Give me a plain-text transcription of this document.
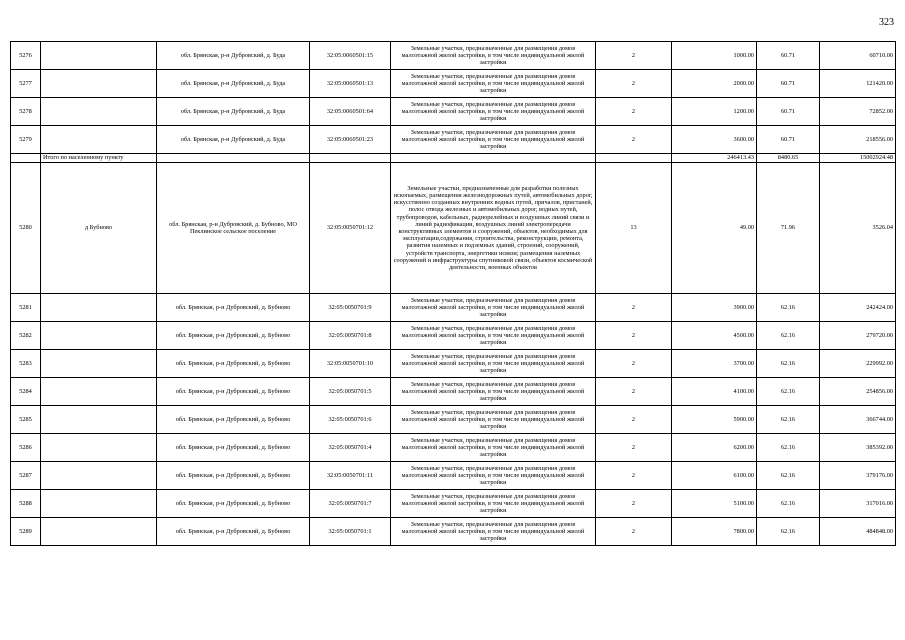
323
5276		обл. Брянская, р-н Дубровский, д. Буда	32:05:0060501:15	Земельные участки, предназначенные для размещения домов малоэтажной жилой застройки, в том числе индивидуальной жилой застройки	2	1000.00	60.71	60710.00
5277		обл. Брянская, р-н Дубровский, д. Буда	32:05:0060501:13	Земельные участки, предназначенные для размещения домов малоэтажной жилой застройки, в том числе индивидуальной жилой застройки	2	2000.00	60.71	121420.00
5278		обл. Брянская, р-н Дубровский, д. Буда	32:05:0060501:64	Земельные участки, предназначенные для размещения домов малоэтажной жилой застройки, в том числе индивидуальной жилой застройки	2	1200.00	60.71	72852.00
5279		обл. Брянская, р-н Дубровский, д. Буда	32:05:0060501:23	Земельные участки, предназначенные для размещения домов малоэтажной жилой застройки, в том числе индивидуальной жилой застройки	2	3600.00	60.71	218556.00
	Итого по населенному пункту					246413.43	8480.65	15002924.48
5280	д Бубново	обл. Брянская, р-н Дубровский, д. Бубново, МО Пеклинское сельское поселение	32:05:0050701:12	Земельные участки, предназначенные для разработки полезных ископаемых, размещения железнодорожных путей, автомобильных дорог, искусственно созданных внутренних водных путей, причалов, пристаней, полос отвода железных и автомобильных дорог, водных путей, трубопроводов, кабельных, радиорелейных и воздушных линий связи и линий радиофикации, воздушных линий электропередачи конструктивных элементов и сооружений, объектов, необходимых для эксплуатации,содержания, строительства, реконструкции, ремонта, развития наземных и подземных зданий, строений, сооружений, устройств транспорта, энергетики исвязи; размещения наземных сооружений и инфраструктуры спутниковой связи, объектов космической деятельности, военных объектов	13	49.00	71.96	3526.04
5281		обл. Брянская, р-н Дубровский, д. Бубново	32:05:0050701:9	Земельные участки, предназначенные для размещения домов малоэтажной жилой застройки, в том числе индивидуальной жилой застройки	2	3900.00	62.16	242424.00
5282		обл. Брянская, р-н Дубровский, д. Бубново	32:05:0050701:8	Земельные участки, предназначенные для размещения домов малоэтажной жилой застройки, в том числе индивидуальной жилой застройки	2	4500.00	62.16	279720.00
5283		обл. Брянская, р-н Дубровский, д. Бубново	32:05:0050701:10	Земельные участки, предназначенные для размещения домов малоэтажной жилой застройки, в том числе индивидуальной жилой застройки	2	3700.00	62.16	229992.00
5284		обл. Брянская, р-н Дубровский, д. Бубново	32:05:0050701:5	Земельные участки, предназначенные для размещения домов малоэтажной жилой застройки, в том числе индивидуальной жилой застройки	2	4100.00	62.16	254856.00
5285		обл. Брянская, р-н Дубровский, д. Бубново	32:05:0050701:6	Земельные участки, предназначенные для размещения домов малоэтажной жилой застройки, в том числе индивидуальной жилой застройки	2	5900.00	62.16	366744.00
5286		обл. Брянская, р-н Дубровский, д. Бубново	32:05:0050701:4	Земельные участки, предназначенные для размещения домов малоэтажной жилой застройки, в том числе индивидуальной жилой застройки	2	6200.00	62.16	385392.00
5287		обл. Брянская, р-н Дубровский, д. Бубново	32:05:0050701:11	Земельные участки, предназначенные для размещения домов малоэтажной жилой застройки, в том числе индивидуальной жилой застройки	2	6100.00	62.16	379176.00
5288		обл. Брянская, р-н Дубровский, д. Бубново	32:05:0050701:7	Земельные участки, предназначенные для размещения домов малоэтажной жилой застройки, в том числе индивидуальной жилой застройки	2	5100.00	62.16	317016.00
5289		обл. Брянская, р-н Дубровский, д. Бубново	32:05:0050701:1	Земельные участки, предназначенные для размещения домов малоэтажной жилой застройки, в том числе индивидуальной жилой застройки	2	7800.00	62.16	484848.00
